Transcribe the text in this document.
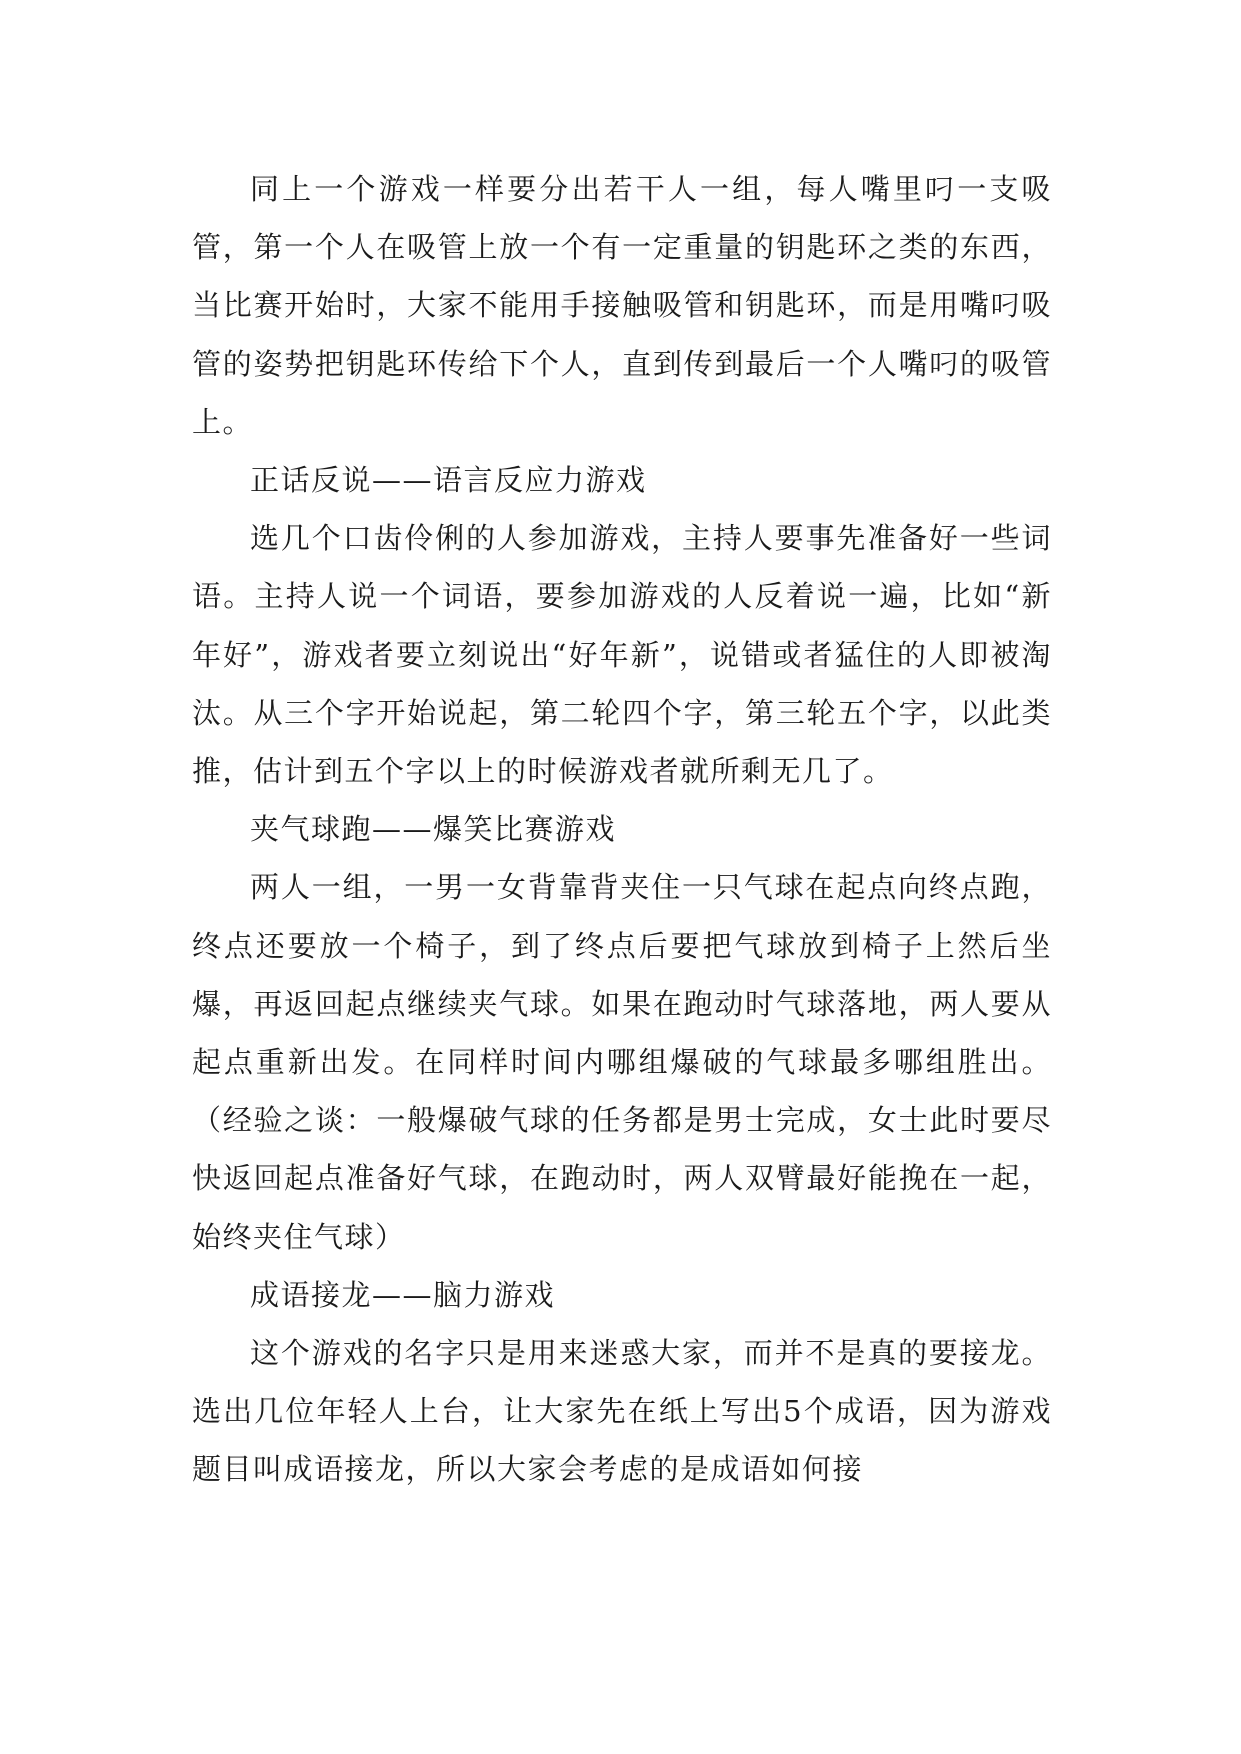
同上一个游戏一样要分出若干人一组，每人嘴里叼一支吸管，第一个人在吸管上放一个有一定重量的钥匙环之类的东西，当比赛开始时，大家不能用手接触吸管和钥匙环，而是用嘴叼吸管的姿势把钥匙环传给下个人，直到传到最后一个人嘴叼的吸管上。

正话反说——语言反应力游戏

选几个口齿伶俐的人参加游戏，主持人要事先准备好一些词语。主持人说一个词语，要参加游戏的人反着说一遍，比如“新年好”，游戏者要立刻说出“好年新”，说错或者猛住的人即被淘汰。从三个字开始说起，第二轮四个字，第三轮五个字，以此类推，估计到五个字以上的时候游戏者就所剩无几了。

夹气球跑——爆笑比赛游戏

两人一组，一男一女背靠背夹住一只气球在起点向终点跑，终点还要放一个椅子，到了终点后要把气球放到椅子上然后坐爆，再返回起点继续夹气球。如果在跑动时气球落地，两人要从起点重新出发。在同样时间内哪组爆破的气球最多哪组胜出。（经验之谈：一般爆破气球的任务都是男士完成，女士此时要尽快返回起点准备好气球，在跑动时，两人双臂最好能挽在一起，始终夹住气球）

成语接龙——脑力游戏

这个游戏的名字只是用来迷惑大家，而并不是真的要接龙。选出几位年轻人上台，让大家先在纸上写出5个成语，因为游戏题目叫成语接龙，所以大家会考虑的是成语如何接
